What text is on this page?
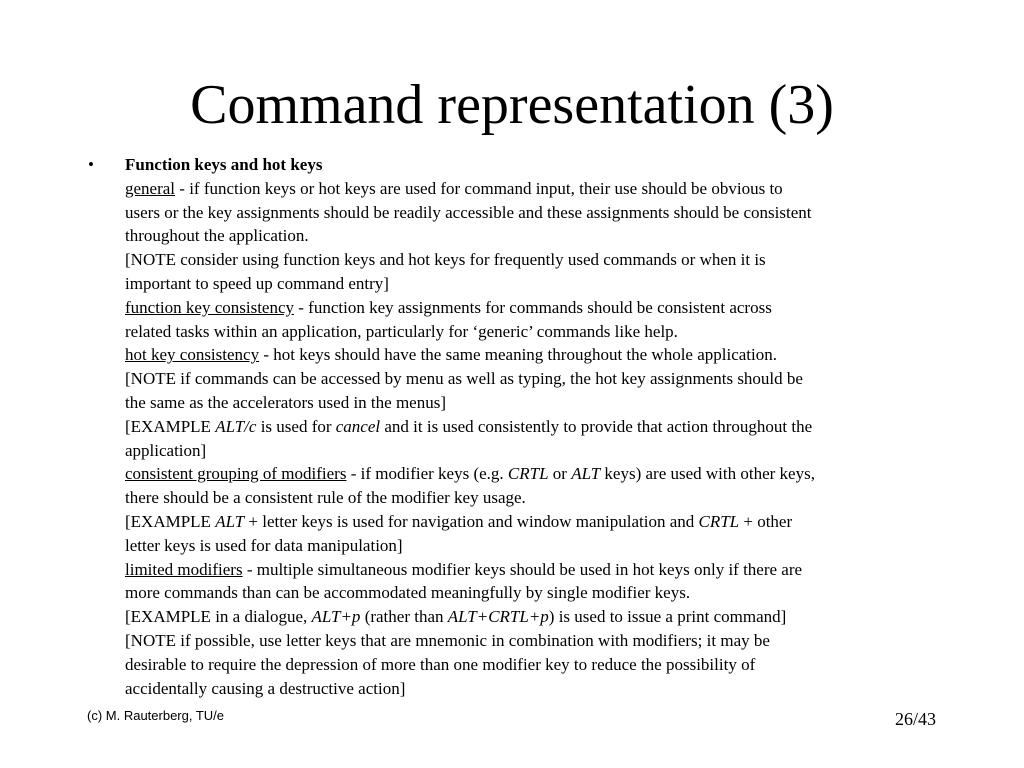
Command representation (3)
• Function keys and hot keys
general - if function keys or hot keys are used for command input, their use should be obvious to
users or the key assignments should be readily accessible and these assignments should be consistent
throughout the application.
[NOTE consider using function keys and hot keys for frequently used commands or when it is
important to speed up command entry]
function key consistency - function key assignments for commands should be consistent across
related tasks within an application, particularly for ‘generic’ commands like help.
hot key consistency - hot keys should have the same meaning throughout the whole application.
[NOTE if commands can be accessed by menu as well as typing, the hot key assignments should be
the same as the accelerators used in the menus]
[EXAMPLE ALT/c is used for cancel and it is used consistently to provide that action throughout the
application]
consistent grouping of modifiers - if modifier keys (e.g. CRTL or ALT keys) are used with other keys,
there should be a consistent rule of the modifier key usage.
[EXAMPLE ALT + letter keys is used for navigation and window manipulation and CRTL + other
letter keys is used for data manipulation]
limited modifiers - multiple simultaneous modifier keys should be used in hot keys only if there are
more commands than can be accommodated meaningfully by single modifier keys.
[EXAMPLE in a dialogue, ALT+p (rather than ALT+CRTL+p) is used to issue a print command]
[NOTE if possible, use letter keys that are mnemonic in combination with modifiers; it may be
desirable to require the depression of more than one modifier key to reduce the possibility of
accidentally causing a destructive action]
(c) M. Rauterberg, TU/e	26/43
